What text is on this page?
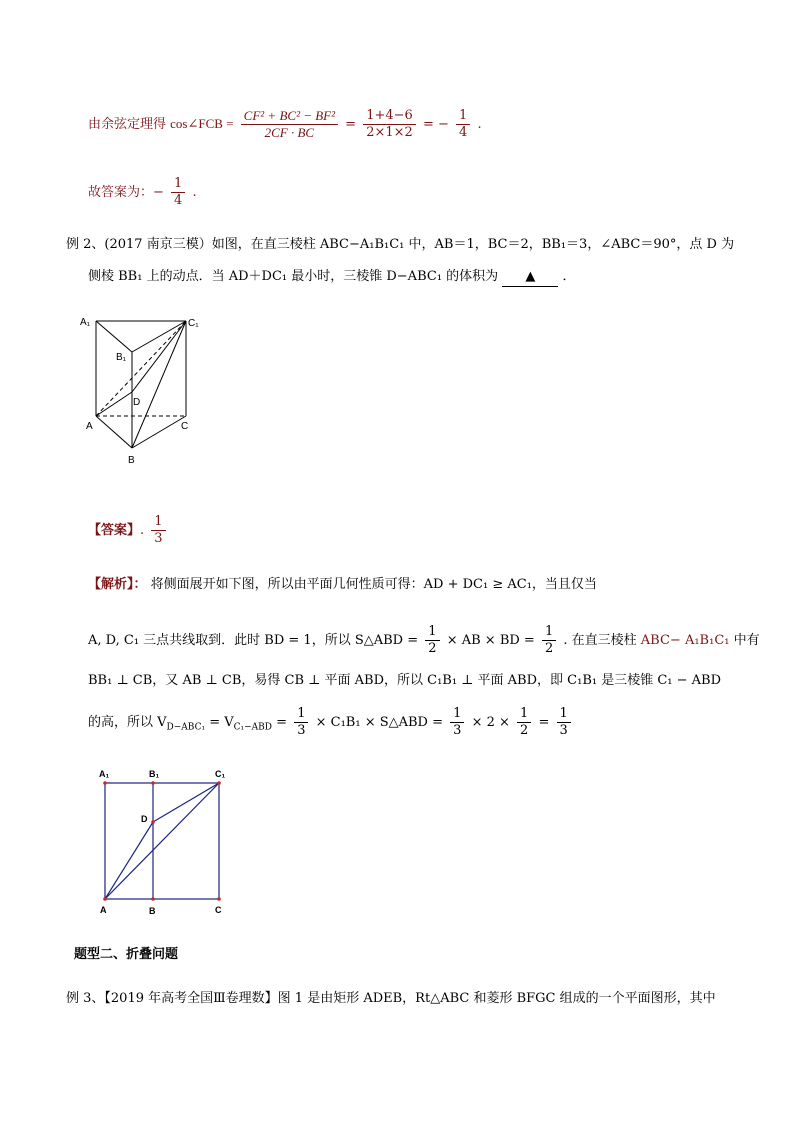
由余弦定理得 cos∠FCB = $\frac{\text{CF² + BC² − BF²}}{2CF \cdot BC} = \frac{1+4-6}{2\times 1\times 2}$ = − $\frac{1}{4}$ .
故答案为：− $\frac{1}{4}$ .
例 2、(2017 南京三模）如图，在直三棱柱 ABC−A₁B₁C₁ 中，AB＝1，BC＝2，BB₁＝3，∠ABC＝90°，点 D 为
侧棱 BB₁ 上的动点．当 AD＋DC₁ 最小时，三棱锥 D−ABC₁ 的体积为 ▲ ．
A₁	C₁
B₁
D
A	C
B
【答案】. $\frac{1}{3}$
【解析】： 将侧面展开如下图，所以由平面几何性质可得：AD + DC₁ ≥ AC₁，当且仅当
A, D, C₁ 三点共线取到．此时 BD = 1，所以 S△ABD = $\frac{1}{2}$ × AB × BD = $\frac{1}{2}$ . 在直三棱柱 ABC− A₁B₁C₁ 中有
BB₁ ⊥ CB，又 AB ⊥ CB，易得 CB ⊥ 平面 ABD，所以 C₁B₁ ⊥ 平面 ABD，即 C₁B₁ 是三棱锥 C₁ − ABD
的高，所以 $V_{D-ABC_1} = V_{C_1-ABD} = \frac{1}{3} \times C_1B_1$ × S△ABD = $\frac{1}{3} \times 2 \times \frac{1}{2} = \frac{1}{3}$
A₁	B₁	C₁
D
A	B	C
题型二、折叠问题
例 3、【2019 年高考全国Ⅲ卷理数】图 1 是由矩形 ADEB，Rt△ABC 和菱形 BFGC 组成的一个平面图形，其中
